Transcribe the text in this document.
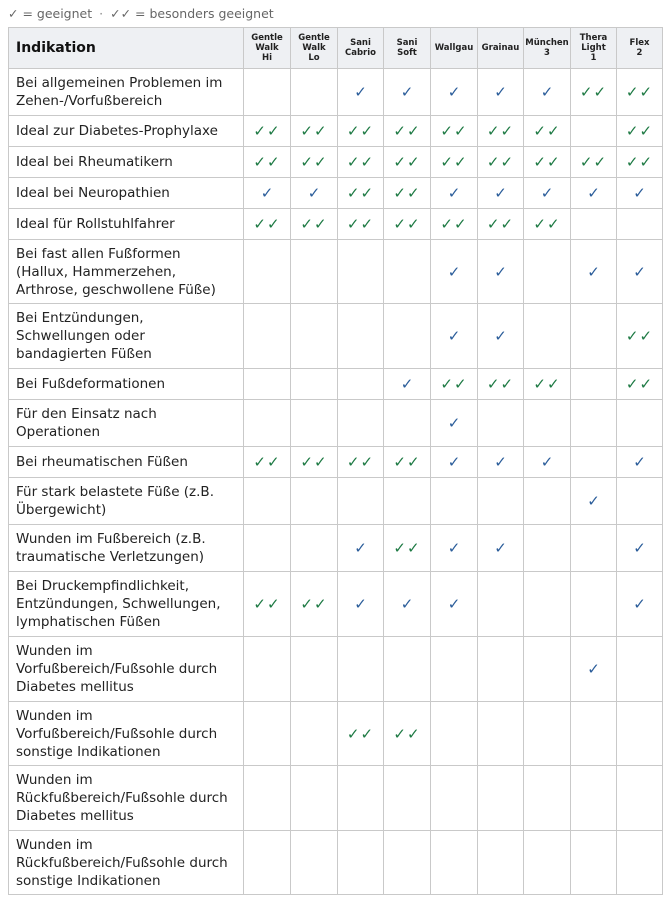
✓ = geeignet · ✓✓ = besonders geeignet
Indikation	Gentle
Walk
Hi	Gentle
Walk
Lo	Sani
Cabrio	Sani
Soft	Wallgau	Grainau	München
3	Thera
Light
1	Flex
2

Bei allgemeinen Problemen im
Zehen-/Vorfußbereich			✓	✓	✓	✓	✓	✓✓	✓✓

Ideal zur Diabetes-Prophylaxe	✓✓	✓✓	✓✓	✓✓	✓✓	✓✓	✓✓		✓✓

Ideal bei Rheumatikern	✓✓	✓✓	✓✓	✓✓	✓✓	✓✓	✓✓	✓✓	✓✓

Ideal bei Neuropathien	✓	✓	✓✓	✓✓	✓	✓	✓	✓	✓

Ideal für Rollstuhlfahrer	✓✓	✓✓	✓✓	✓✓	✓✓	✓✓	✓✓		

Bei fast allen Fußformen
(Hallux, Hammerzehen,
Arthrose, geschwollene Füße)					✓	✓		✓	✓

Bei Entzündungen,
Schwellungen oder
bandagierten Füßen					✓	✓			✓✓

Bei Fußdeformationen				✓	✓✓	✓✓	✓✓		✓✓

Für den Einsatz nach
Operationen					✓				

Bei rheumatischen Füßen	✓✓	✓✓	✓✓	✓✓	✓	✓	✓		✓

Für stark belastete Füße (z.B.
Übergewicht)								✓	

Wunden im Fußbereich (z.B.
traumatische Verletzungen)			✓	✓✓	✓	✓			✓

Bei Druckempfindlichkeit,
Entzündungen, Schwellungen,
lymphatischen Füßen	✓✓	✓✓	✓	✓	✓				✓

Wunden im
Vorfußbereich/Fußsohle durch
Diabetes mellitus								✓	

Wunden im
Vorfußbereich/Fußsohle durch
sonstige Indikationen			✓✓	✓✓					

Wunden im
Rückfußbereich/Fußsohle durch
Diabetes mellitus									

Wunden im
Rückfußbereich/Fußsohle durch
sonstige Indikationen									
